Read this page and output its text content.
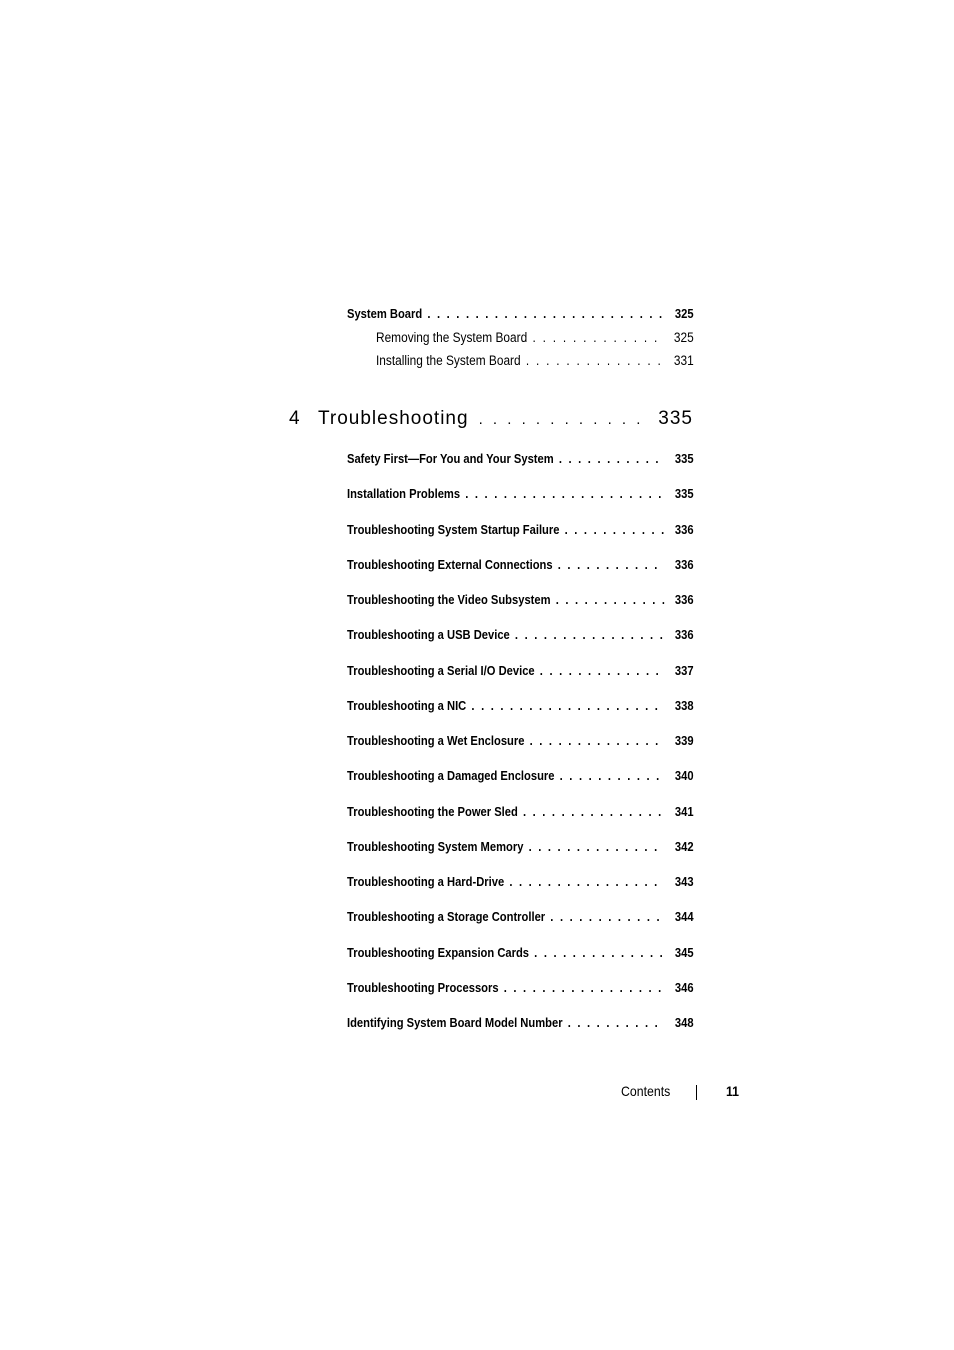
System Board . . .	325
Removing the System Board . . .	325
Installing the System Board . . .	331
4 Troubleshooting . . .	335
Safety First—For You and Your System . . .	335
Installation Problems . . .	335
Troubleshooting System Startup Failure . . .	336
Troubleshooting External Connections . . .	336
Troubleshooting the Video Subsystem . . .	336
Troubleshooting a USB Device . . .	336
Troubleshooting a Serial I/O Device . . .	337
Troubleshooting a NIC . . .	338
Troubleshooting a Wet Enclosure . . .	339
Troubleshooting a Damaged Enclosure . . .	340
Troubleshooting the Power Sled . . .	341
Troubleshooting System Memory . . .	342
Troubleshooting a Hard-Drive . . .	343
Troubleshooting a Storage Controller . . .	344
Troubleshooting Expansion Cards . . .	345
Troubleshooting Processors . . .	346
Identifying System Board Model Number . . .	348
Contents	11
